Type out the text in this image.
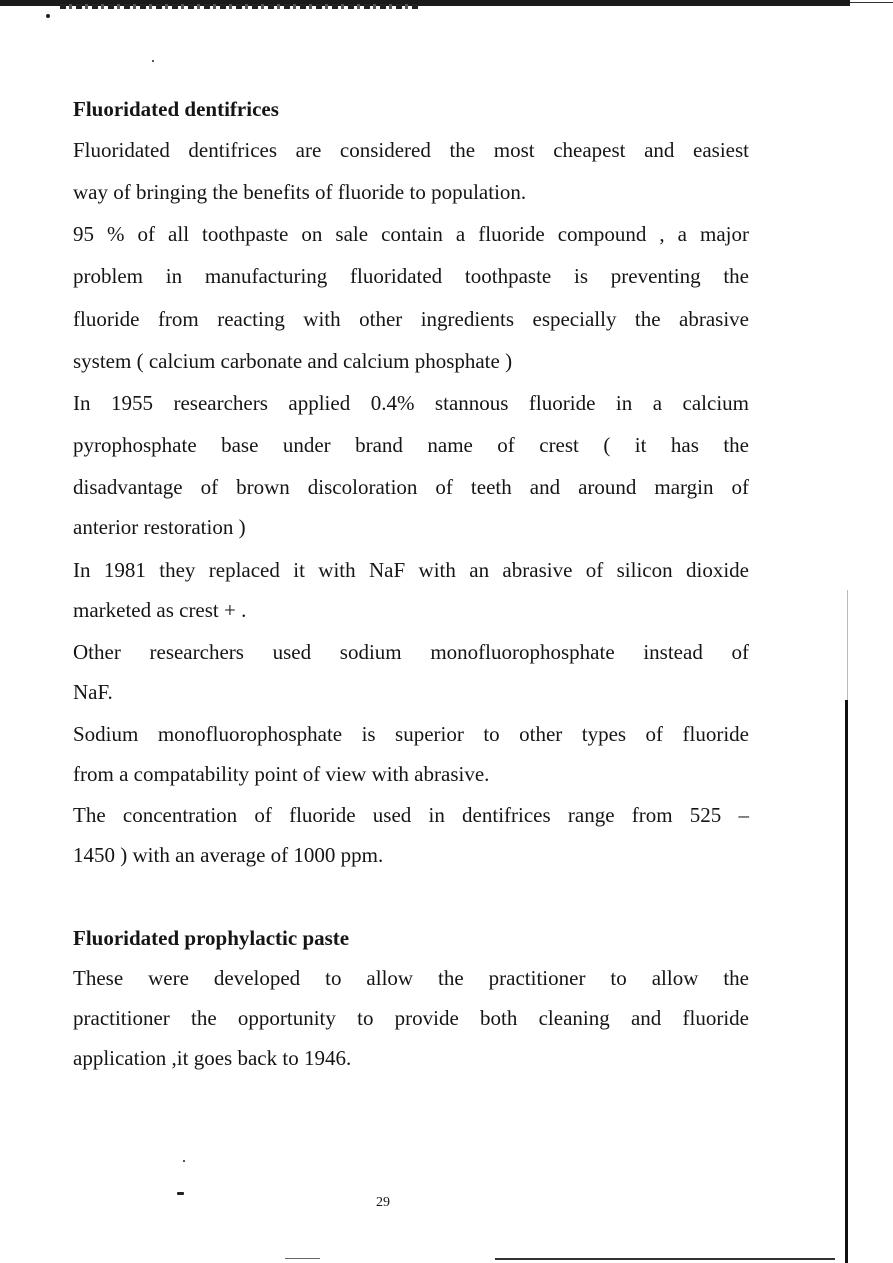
Fluoridated dentifrices

Fluoridated dentifrices are considered the most cheapest and easiest

way of bringing the benefits of fluoride to population.

95 % of all toothpaste on sale contain a fluoride compound , a major

problem in manufacturing fluoridated toothpaste is preventing the

fluoride from reacting with other ingredients especially the abrasive

system ( calcium carbonate and calcium phosphate )

In 1955 researchers applied 0.4% stannous fluoride in a calcium

pyrophosphate base under brand name of crest ( it has the

disadvantage of brown discoloration of teeth and around margin of

anterior restoration )

In 1981 they replaced it with NaF with an abrasive of silicon dioxide

marketed as crest + .

Other researchers used sodium monofluorophosphate instead of

NaF.

Sodium monofluorophosphate is superior to other types of fluoride

from a compatability point of view with abrasive.

The concentration of fluoride used in dentifrices range from 525 –

1450 ) with an average of 1000 ppm.

Fluoridated prophylactic paste

These were developed to allow the practitioner to allow the

practitioner the opportunity to provide both cleaning and fluoride

application ,it goes back to 1946.

29
